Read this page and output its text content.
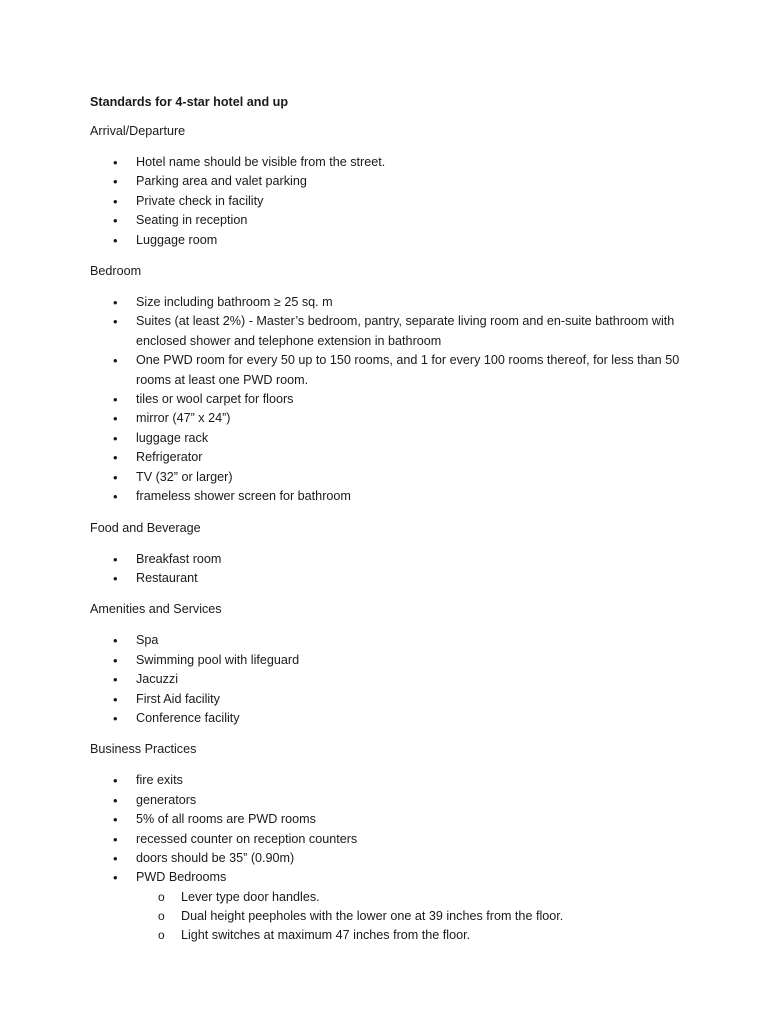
Standards for 4-star hotel and up
Arrival/Departure
• Hotel name should be visible from the street.
• Parking area and valet parking
• Private check in facility
• Seating in reception
• Luggage room
Bedroom
• Size including bathroom ≥ 25 sq. m
• Suites (at least 2%) - Master’s bedroom, pantry, separate living room and en-suite bathroom with enclosed shower and telephone extension in bathroom
• One PWD room for every 50 up to 150 rooms, and 1 for every 100 rooms thereof, for less than 50 rooms at least one PWD room.
• tiles or wool carpet for floors
• mirror (47” x 24”)
• luggage rack
• Refrigerator
• TV (32” or larger)
• frameless shower screen for bathroom
Food and Beverage
• Breakfast room
• Restaurant
Amenities and Services
• Spa
• Swimming pool with lifeguard
• Jacuzzi
• First Aid facility
• Conference facility
Business Practices
• fire exits
• generators
• 5% of all rooms are PWD rooms
• recessed counter on reception counters
• doors should be 35” (0.90m)
• PWD Bedrooms
o Lever type door handles.
o Dual height peepholes with the lower one at 39 inches from the floor.
o Light switches at maximum 47 inches from the floor.
